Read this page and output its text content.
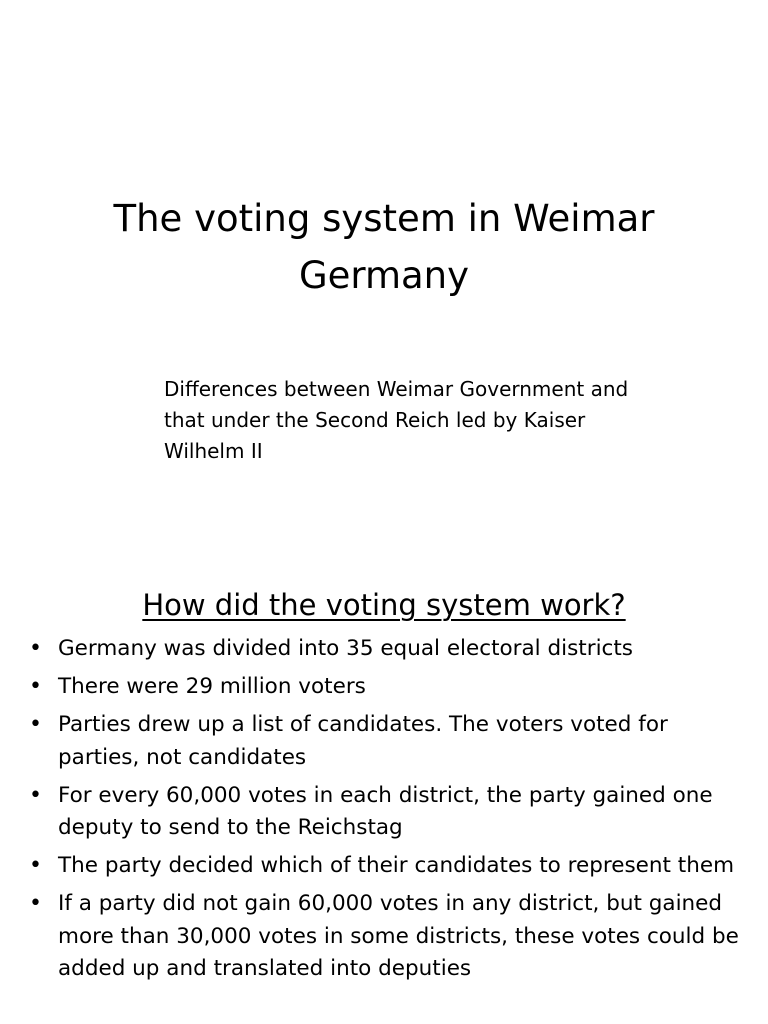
The voting system in Weimar Germany

Differences between Weimar Government and that under the Second Reich led by Kaiser Wilhelm II

How did the voting system work?
• Germany was divided into 35 equal electoral districts
• There were 29 million voters
• Parties drew up a list of candidates. The voters voted for parties, not candidates
• For every 60,000 votes in each district, the party gained one deputy to send to the Reichstag
• The party decided which of their candidates to represent them
• If a party did not gain 60,000 votes in any district, but gained more than 30,000 votes in some districts, these votes could be added up and translated into deputies
